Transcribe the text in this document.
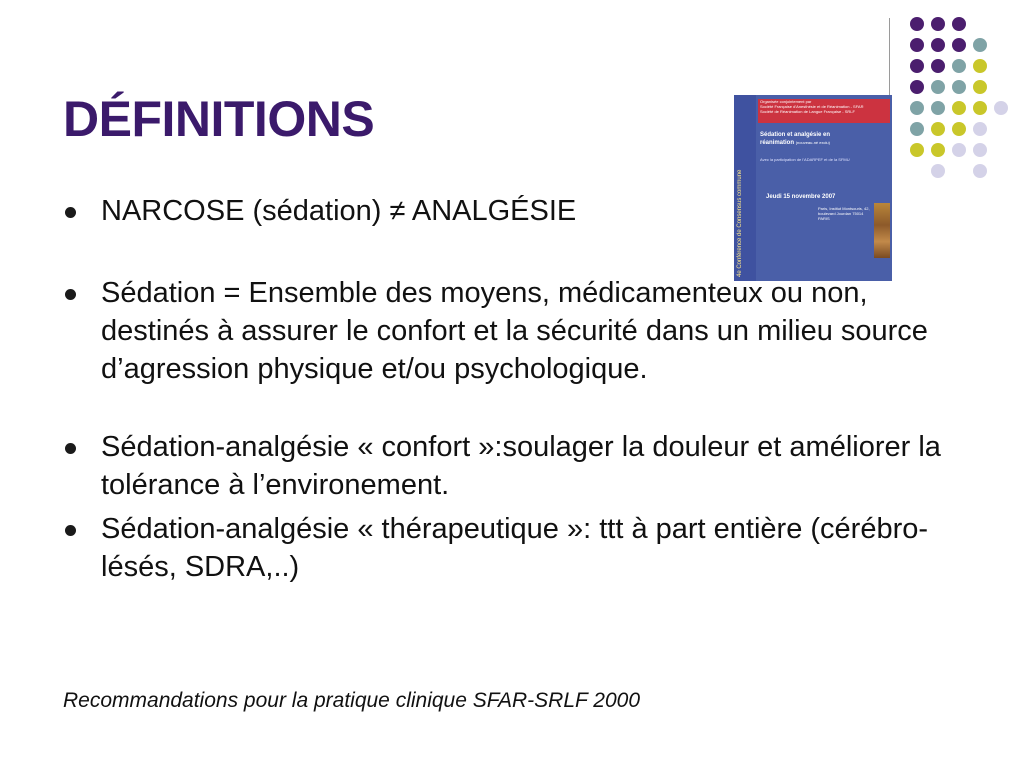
DÉFINITIONS
4e Conférence de Consensus commune
Organisée conjointement par
Société Française d'Anesthésie et de Réanimation - SFAR
Société de Réanimation de Langue Française - SRLF
Sédation et analgésie en réanimation (nouveau-né exclu)
Avec la participation de l'ADARPEF et de la SFMU
Jeudi 15 novembre 2007
Paris, Institut Montsouris, 42, boulevard Jourdan 75014 PARIS
NARCOSE (sédation) ≠ ANALGÉSIE
Sédation = Ensemble des moyens, médicamenteux ou non, destinés à assurer le confort et la sécurité dans un milieu source d’agression physique et/ou psychologique.
Sédation-analgésie « confort »:soulager la douleur et améliorer la tolérance à l’environement.
Sédation-analgésie « thérapeutique »: ttt à part entière (cérébro-lésés, SDRA,..)
Recommandations pour la pratique clinique SFAR-SRLF 2000
